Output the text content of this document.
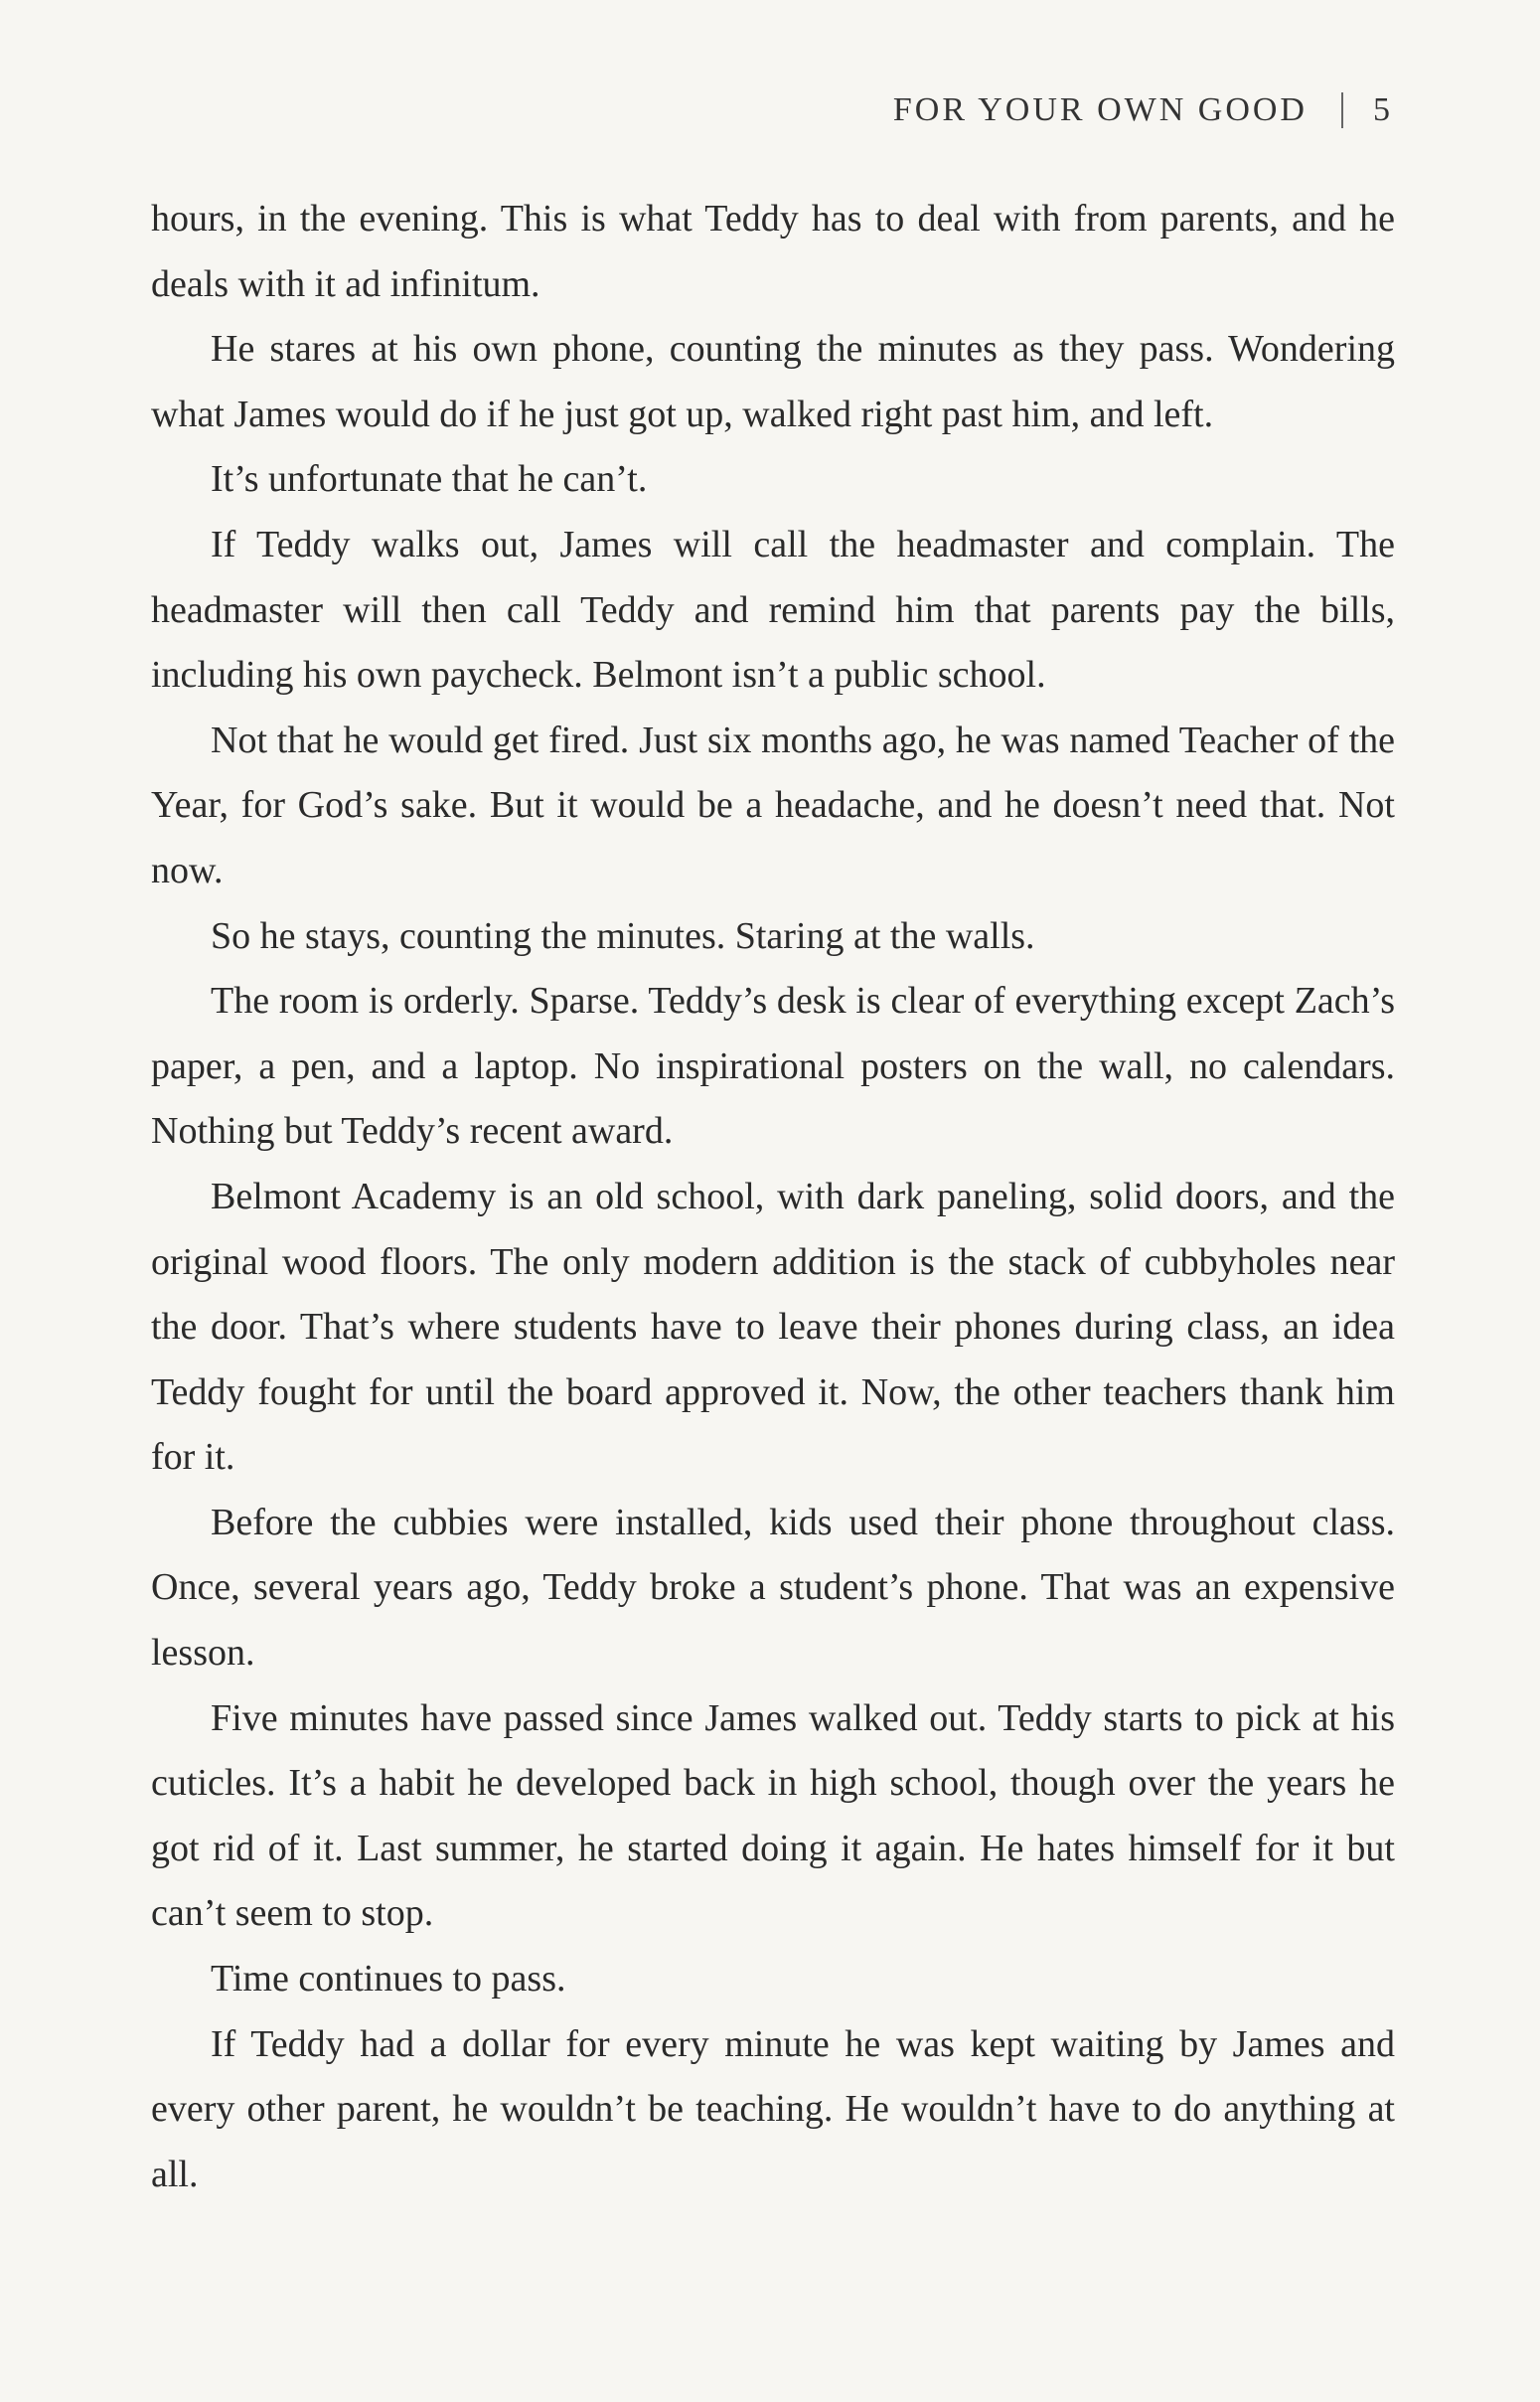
FOR YOUR OWN GOOD 5

hours, in the evening. This is what Teddy has to deal with from parents, and he deals with it ad infinitum.

He stares at his own phone, counting the minutes as they pass. Wondering what James would do if he just got up, walked right past him, and left.

It’s unfortunate that he can’t.

If Teddy walks out, James will call the headmaster and complain. The headmaster will then call Teddy and remind him that parents pay the bills, including his own paycheck. Belmont isn’t a public school.

Not that he would get fired. Just six months ago, he was named Teacher of the Year, for God’s sake. But it would be a headache, and he doesn’t need that. Not now.

So he stays, counting the minutes. Staring at the walls.

The room is orderly. Sparse. Teddy’s desk is clear of everything except Zach’s paper, a pen, and a laptop. No inspirational posters on the wall, no calendars. Nothing but Teddy’s recent award.

Belmont Academy is an old school, with dark paneling, solid doors, and the original wood floors. The only modern addition is the stack of cubbyholes near the door. That’s where students have to leave their phones during class, an idea Teddy fought for until the board approved it. Now, the other teachers thank him for it.

Before the cubbies were installed, kids used their phone throughout class. Once, several years ago, Teddy broke a student’s phone. That was an expensive lesson.

Five minutes have passed since James walked out. Teddy starts to pick at his cuticles. It’s a habit he developed back in high school, though over the years he got rid of it. Last summer, he started doing it again. He hates himself for it but can’t seem to stop.

Time continues to pass.

If Teddy had a dollar for every minute he was kept waiting by James and every other parent, he wouldn’t be teaching. He wouldn’t have to do anything at all.
